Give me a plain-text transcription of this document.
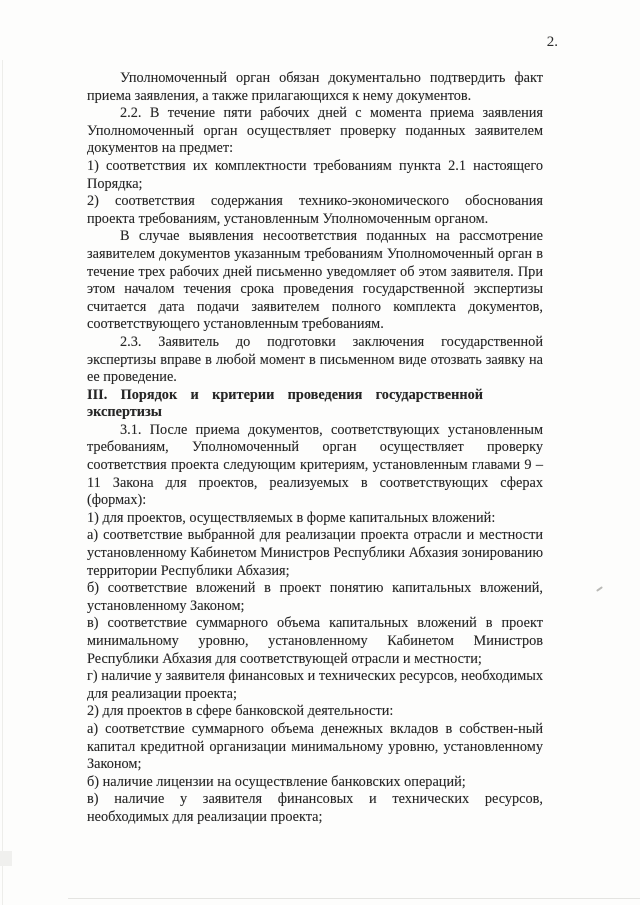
2.

Уполномоченный орган обязан документально подтвердить факт приема заявления, а также прилагающихся к нему документов.

2.2. В течение пяти рабочих дней с момента приема заявления Уполномоченный орган осуществляет проверку поданных заявителем документов на предмет:

1) соответствия их комплектности требованиям пункта 2.1 настоящего Порядка;

2) соответствия содержания технико-экономического обоснования проекта требованиям, установленным Уполномоченным органом.

В случае выявления несоответствия поданных на рассмотрение заявителем документов указанным требованиям Уполномоченный орган в течение трех рабочих дней письменно уведомляет об этом заявителя. При этом началом течения срока проведения государственной экспертизы считается дата подачи заявителем полного комплекта документов, соответствующего установленным требованиям.

2.3. Заявитель до подготовки заключения государственной экспертизы вправе в любой момент в письменном виде отозвать заявку на ее проведение.

III. Порядок и критерии проведения государственной экспертизы

3.1. После приема документов, соответствующих установленным требованиям, Уполномоченный орган осуществляет проверку соответствия проекта следующим критериям, установленным главами 9 – 11 Закона для проектов, реализуемых в соответствующих сферах (формах):

1) для проектов, осуществляемых в форме капитальных вложений:

а) соответствие выбранной для реализации проекта отрасли и местности установленному Кабинетом Министров Республики Абхазия зонированию территории Республики Абхазия;

б) соответствие вложений в проект понятию капитальных вложений, установленному Законом;

в) соответствие суммарного объема капитальных вложений в проект минимальному уровню, установленному Кабинетом Министров Республики Абхазия для соответствующей отрасли и местности;

г) наличие у заявителя финансовых и технических ресурсов, необходимых для реализации проекта;

2) для проектов в сфере банковской деятельности:

а) соответствие суммарного объема денежных вкладов в собствен-ный капитал кредитной организации минимальному уровню, установленному Законом;

б) наличие лицензии на осуществление банковских операций;

в) наличие у заявителя финансовых и технических ресурсов, необходимых для реализации проекта;
